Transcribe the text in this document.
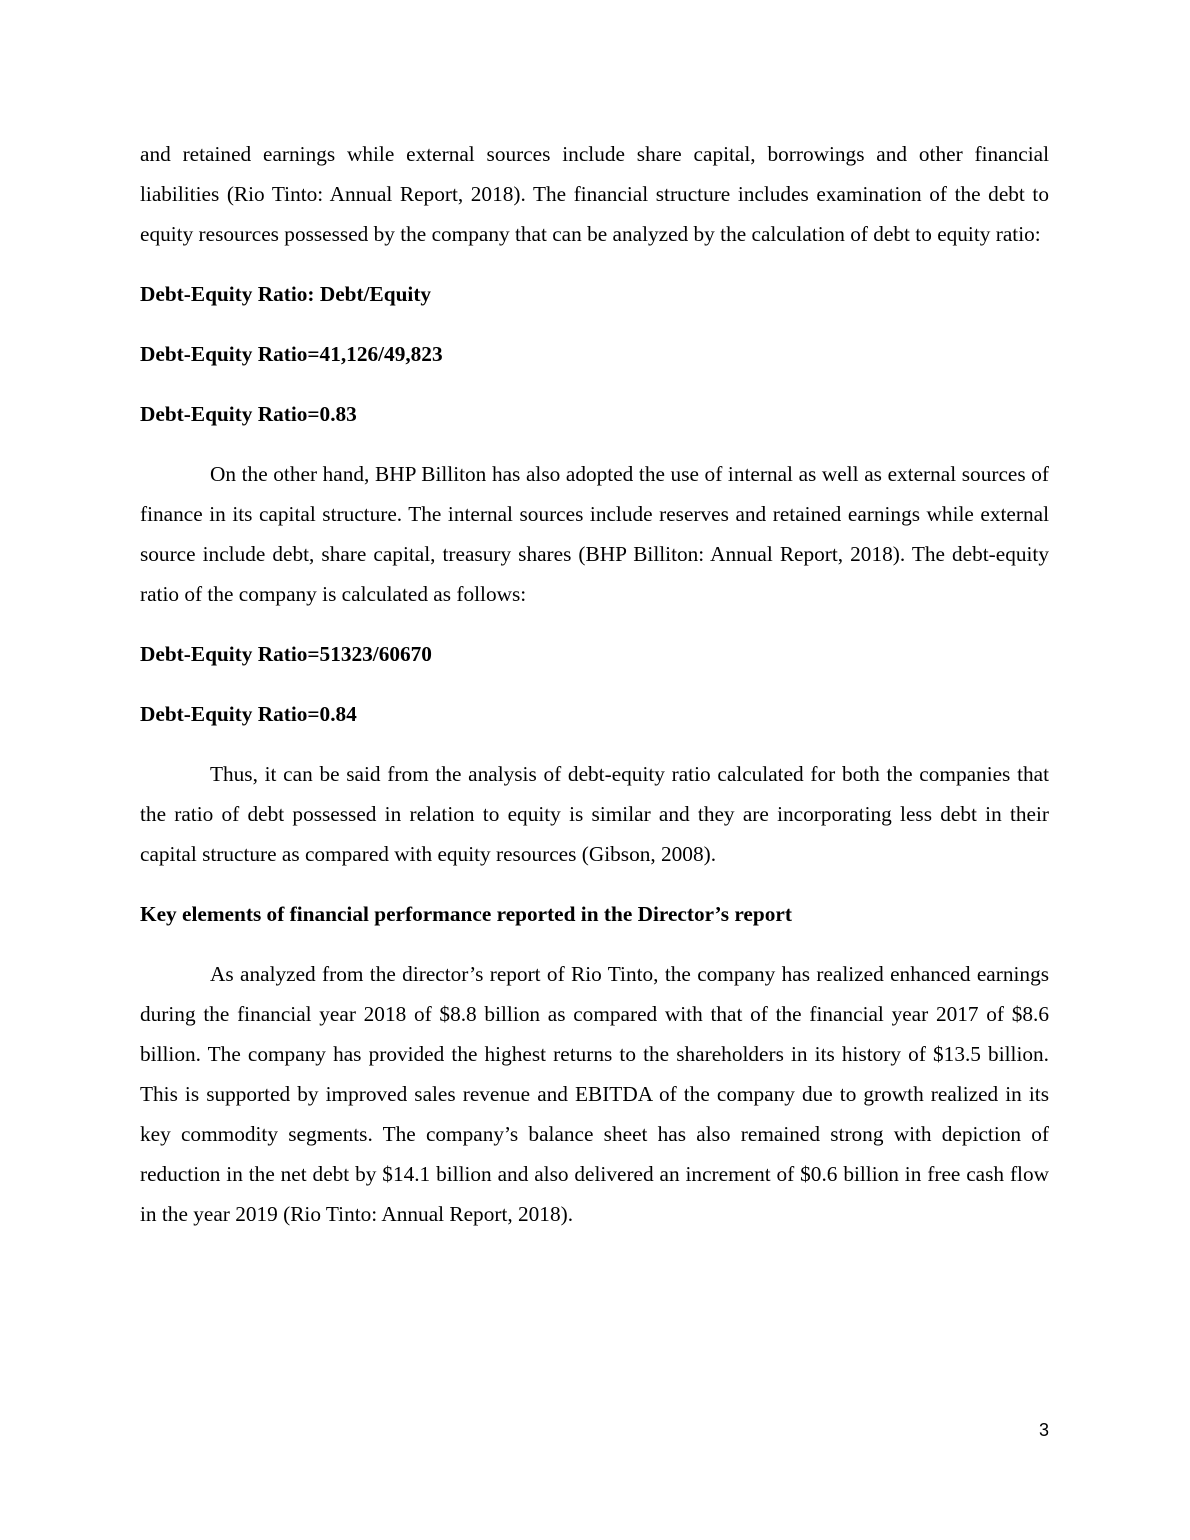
and retained earnings while external sources include share capital, borrowings and other financial liabilities (Rio Tinto: Annual Report, 2018). The financial structure includes examination of the debt to equity resources possessed by the company that can be analyzed by the calculation of debt to equity ratio:

Debt-Equity Ratio: Debt/Equity

Debt-Equity Ratio=41,126/49,823

Debt-Equity Ratio=0.83

On the other hand, BHP Billiton has also adopted the use of internal as well as external sources of finance in its capital structure. The internal sources include reserves and retained earnings while external source include debt, share capital, treasury shares (BHP Billiton: Annual Report, 2018). The debt-equity ratio of the company is calculated as follows:

Debt-Equity Ratio=51323/60670

Debt-Equity Ratio=0.84

Thus, it can be said from the analysis of debt-equity ratio calculated for both the companies that the ratio of debt possessed in relation to equity is similar and they are incorporating less debt in their capital structure as compared with equity resources (Gibson, 2008).

Key elements of financial performance reported in the Director’s report

As analyzed from the director’s report of Rio Tinto, the company has realized enhanced earnings during the financial year 2018 of $8.8 billion as compared with that of the financial year 2017 of $8.6 billion. The company has provided the highest returns to the shareholders in its history of $13.5 billion. This is supported by improved sales revenue and EBITDA of the company due to growth realized in its key commodity segments. The company’s balance sheet has also remained strong with depiction of reduction in the net debt by $14.1 billion and also delivered an increment of $0.6 billion in free cash flow in the year 2019 (Rio Tinto: Annual Report, 2018).

3
